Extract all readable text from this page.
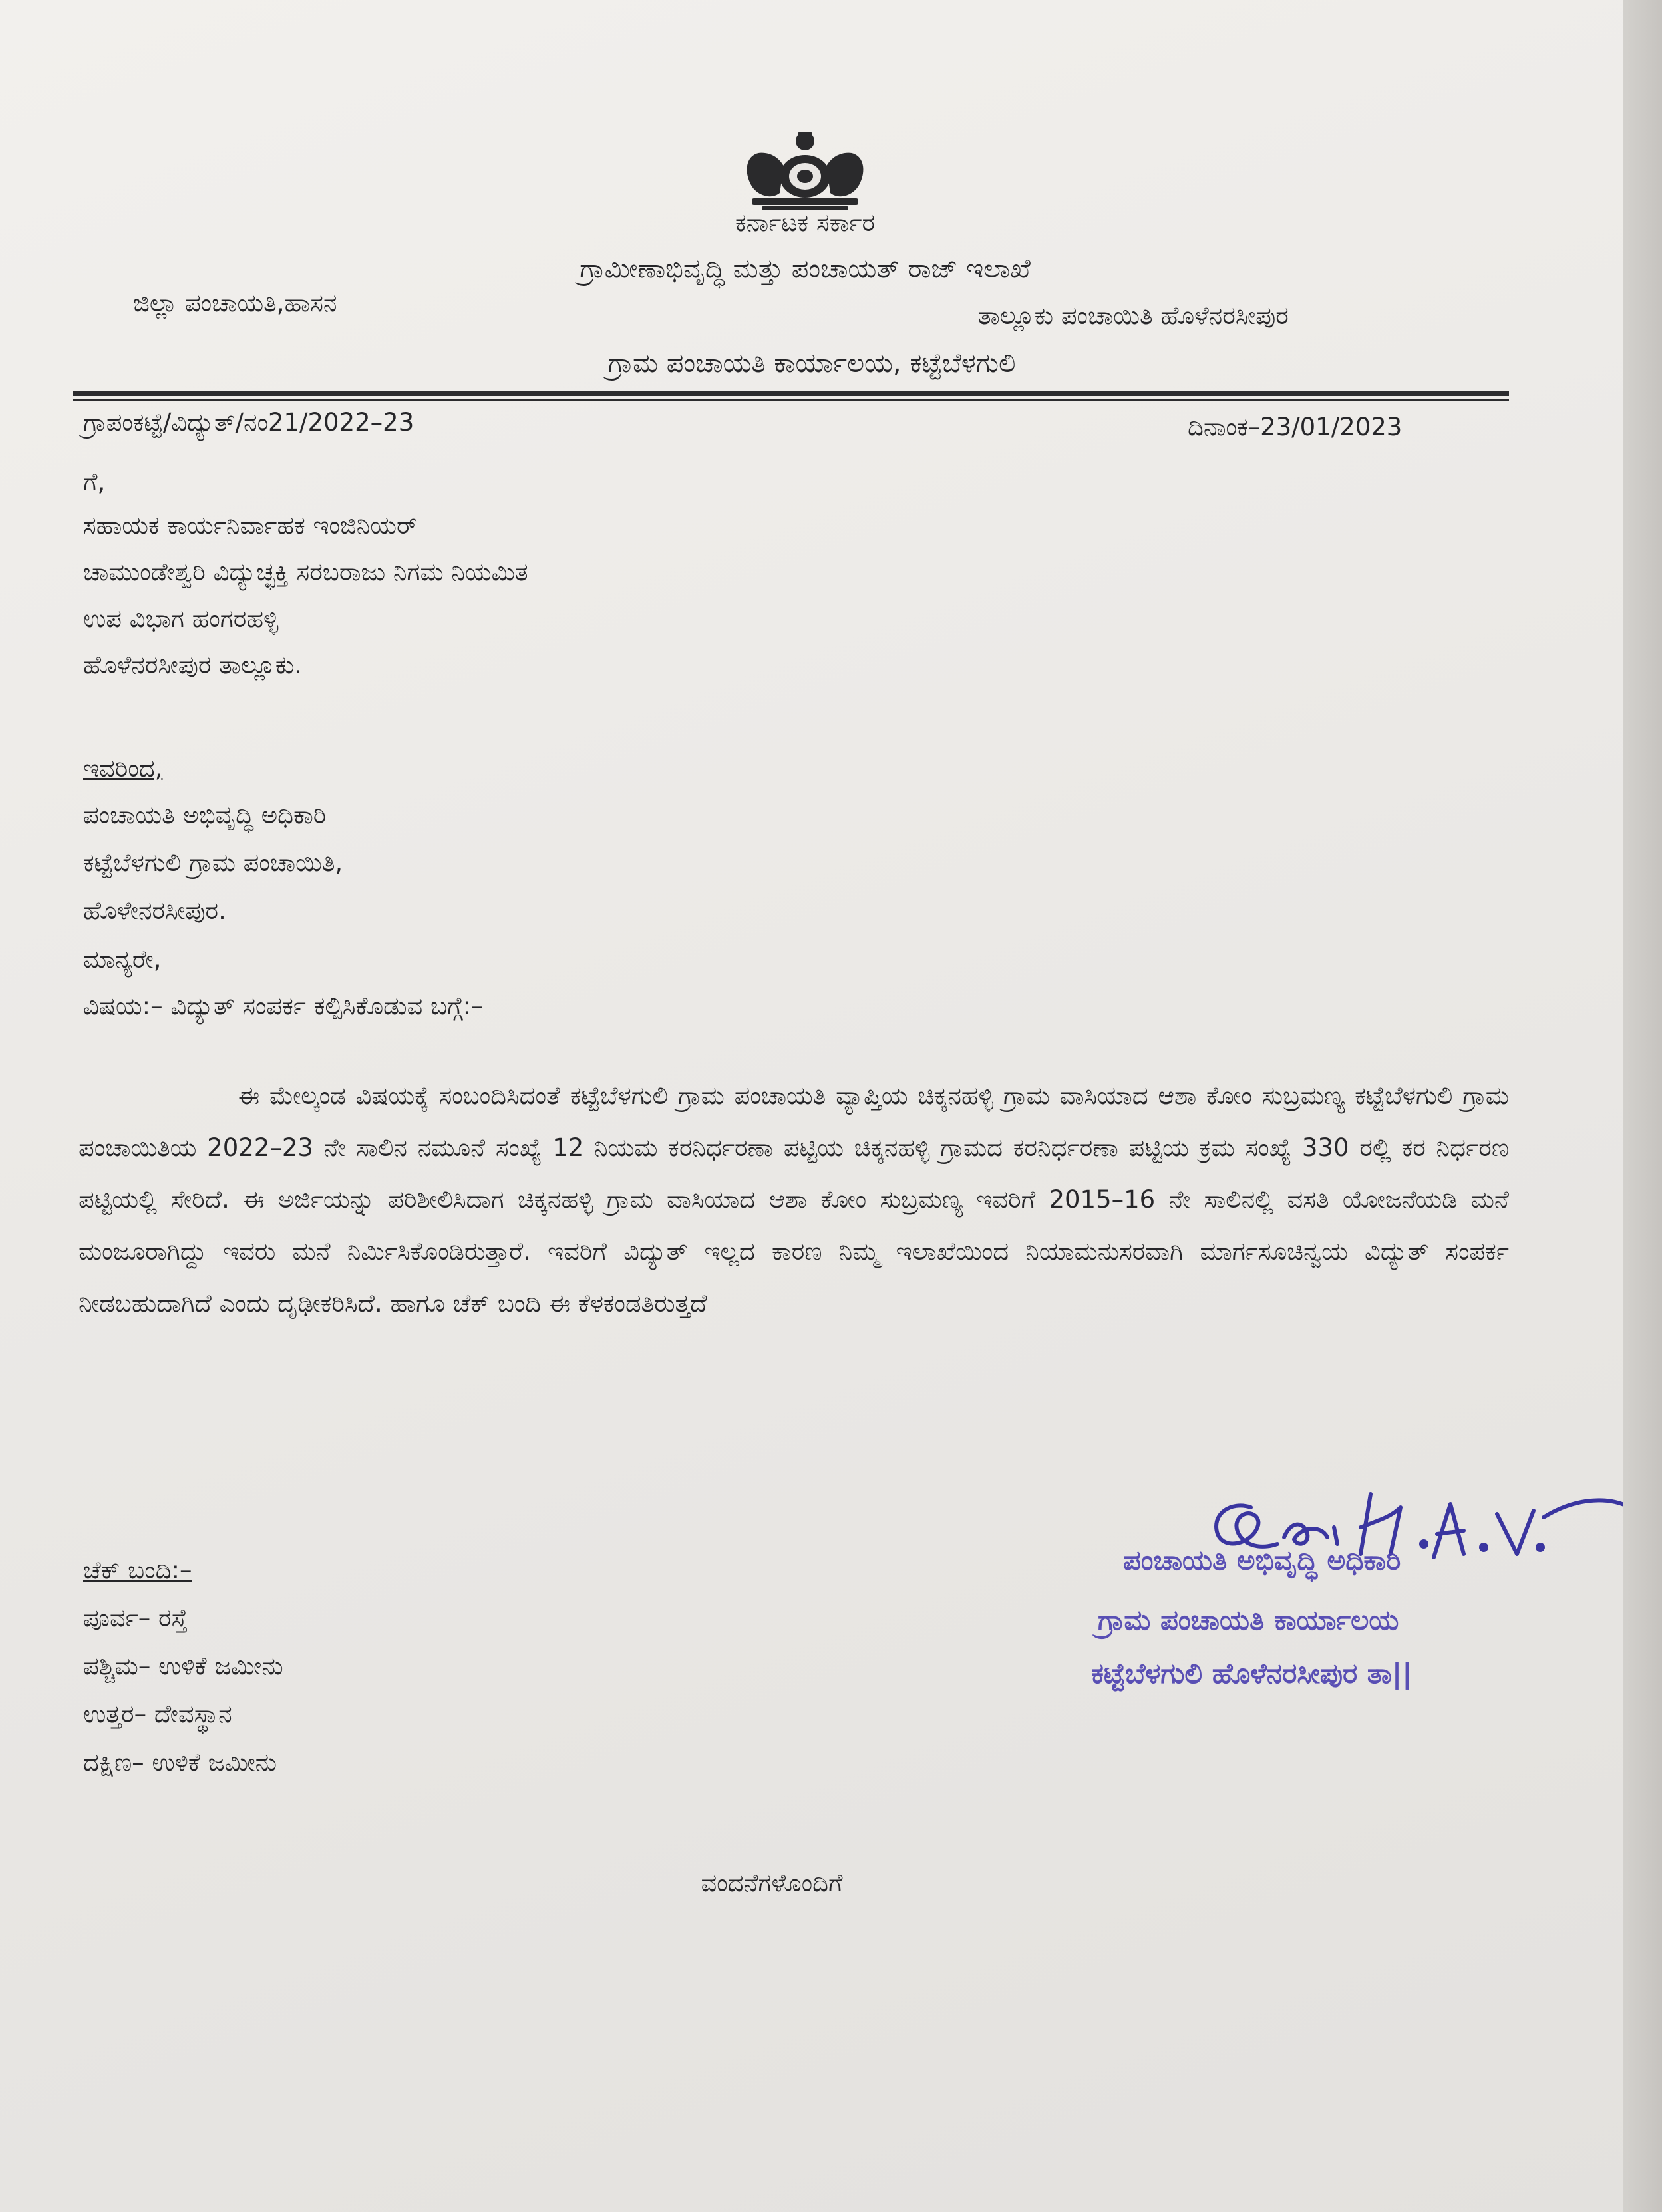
ಕರ್ನಾಟಕ ಸರ್ಕಾರ

ಗ್ರಾಮೀಣಾಭಿವೃದ್ಧಿ ಮತ್ತು ಪಂಚಾಯತ್ ರಾಜ್ ಇಲಾಖೆ

ಜಿಲ್ಲಾ ಪಂಚಾಯತಿ,ಹಾಸನ	ತಾಲ್ಲೂಕು ಪಂಚಾಯಿತಿ ಹೊಳೆನರಸೀಪುರ

ಗ್ರಾಮ ಪಂಚಾಯತಿ ಕಾರ್ಯಾಲಯ, ಕಟ್ಟೆಬೆಳಗುಲಿ

ಗ್ರಾಪಂಕಟ್ಟೆ/ವಿದ್ಯುತ್/ನಂ21/2022–23	ದಿನಾಂಕ–23/01/2023

ಗೆ,

ಸಹಾಯಕ ಕಾರ್ಯನಿರ್ವಾಹಕ ಇಂಜಿನಿಯರ್

ಚಾಮುಂಡೇಶ್ವರಿ ವಿದ್ಯುಚ್ಛಕ್ತಿ ಸರಬರಾಜು ನಿಗಮ ನಿಯಮಿತ

ಉಪ ವಿಭಾಗ ಹಂಗರಹಳ್ಳಿ

ಹೊಳೆನರಸೀಪುರ ತಾಲ್ಲೂಕು.

ಇವರಿಂದ,

ಪಂಚಾಯತಿ ಅಭಿವೃದ್ಧಿ ಅಧಿಕಾರಿ

ಕಟ್ಟೆಬೆಳಗುಲಿ ಗ್ರಾಮ ಪಂಚಾಯಿತಿ,

ಹೊಳೇನರಸೀಪುರ.

ಮಾನ್ಯರೇ,

ವಿಷಯ:– ವಿದ್ಯುತ್ ಸಂಪರ್ಕ ಕಲ್ಪಿಸಿಕೊಡುವ ಬಗ್ಗೆ:–

ಈ ಮೇಲ್ಕಂಡ ವಿಷಯಕ್ಕೆ ಸಂಬಂದಿಸಿದಂತೆ ಕಟ್ಟೆಬೆಳಗುಲಿ ಗ್ರಾಮ ಪಂಚಾಯತಿ ವ್ಯಾಪ್ತಿಯ ಚಿಕ್ಕನಹಳ್ಳಿ ಗ್ರಾಮ ವಾಸಿಯಾದ ಆಶಾ ಕೋಂ ಸುಬ್ರಮಣ್ಯ ಕಟ್ಟೆಬೆಳಗುಲಿ ಗ್ರಾಮ ಪಂಚಾಯಿತಿಯ 2022–23 ನೇ ಸಾಲಿನ ನಮೂನೆ ಸಂಖ್ಯೆ 12 ನಿಯಮ ಕರನಿರ್ಧರಣಾ ಪಟ್ಟಿಯ ಚಿಕ್ಕನಹಳ್ಳಿ ಗ್ರಾಮದ ಕರನಿರ್ಧರಣಾ ಪಟ್ಟಿಯ ಕ್ರಮ ಸಂಖ್ಯೆ 330 ರಲ್ಲಿ ಕರ ನಿರ್ಧರಣ ಪಟ್ಟಿಯಲ್ಲಿ ಸೇರಿದೆ. ಈ ಅರ್ಜಿಯನ್ನು ಪರಿಶೀಲಿಸಿದಾಗ ಚಿಕ್ಕನಹಳ್ಳಿ ಗ್ರಾಮ ವಾಸಿಯಾದ ಆಶಾ ಕೋಂ ಸುಬ್ರಮಣ್ಯ ಇವರಿಗೆ 2015–16 ನೇ ಸಾಲಿನಲ್ಲಿ ವಸತಿ ಯೋಜನೆಯಡಿ ಮನೆ ಮಂಜೂರಾಗಿದ್ದು ಇವರು ಮನೆ ನಿರ್ಮಿಸಿಕೊಂಡಿರುತ್ತಾರೆ. ಇವರಿಗೆ ವಿದ್ಯುತ್ ಇಲ್ಲದ ಕಾರಣ ನಿಮ್ಮ ಇಲಾಖೆಯಿಂದ ನಿಯಾಮನುಸರವಾಗಿ ಮಾರ್ಗಸೂಚಿನ್ವಯ ವಿದ್ಯುತ್ ಸಂಪರ್ಕ ನೀಡಬಹುದಾಗಿದೆ ಎಂದು ದೃಢೀಕರಿಸಿದೆ. ಹಾಗೂ ಚೆಕ್ ಬಂದಿ ಈ ಕೆಳಕಂಡತಿರುತ್ತದೆ

ಚೆಕ್ ಬಂದಿ:–

ಪೂರ್ವ– ರಸ್ತೆ

ಪಶ್ಚಿಮ– ಉಳಿಕೆ ಜಮೀನು

ಉತ್ತರ– ದೇವಸ್ಥಾನ

ದಕ್ಷಿಣ– ಉಳಿಕೆ ಜಮೀನು

ಪಂಚಾಯತಿ ಅಭಿವೃದ್ಧಿ ಅಧಿಕಾರಿ

ಗ್ರಾಮ ಪಂಚಾಯತಿ ಕಾರ್ಯಾಲಯ

ಕಟ್ಟೆಬೆಳಗುಲಿ ಹೊಳೆನರಸೀಪುರ ತಾ||

ವಂದನೆಗಳೊಂದಿಗೆ
